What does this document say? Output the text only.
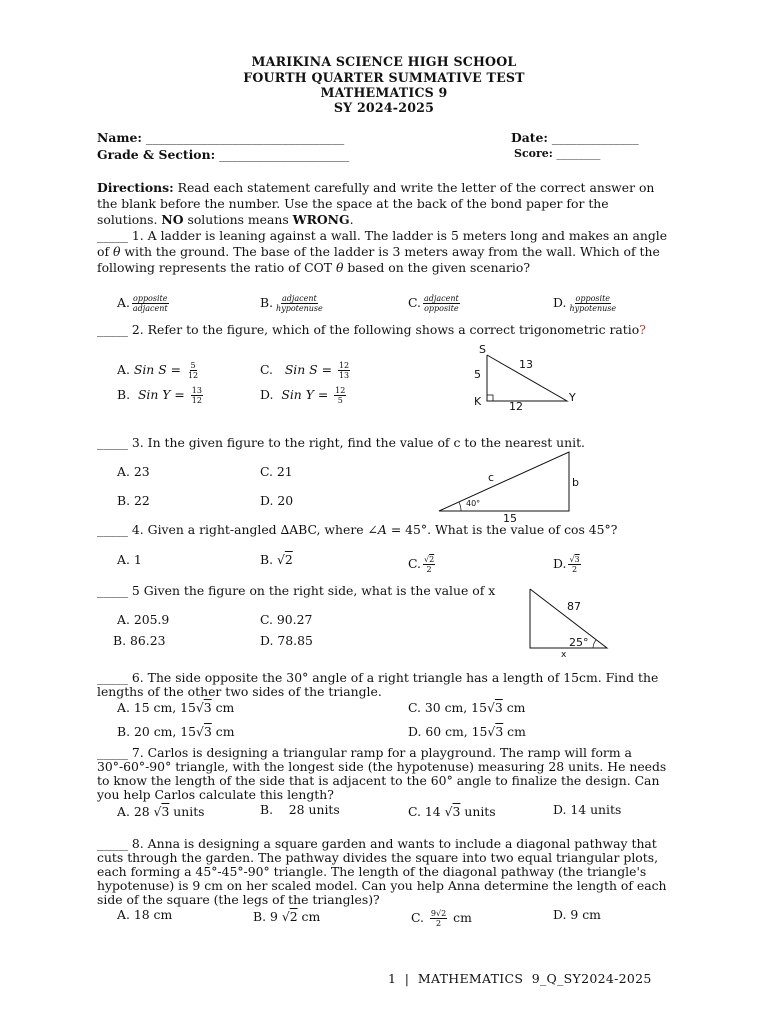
MARIKINA SCIENCE HIGH SCHOOL
FOURTH QUARTER SUMMATIVE TEST
MATHEMATICS 9
SY 2024-2025
Name: ________________________________	Date: ______________
Grade & Section: _____________________	Score: ________
Directions: Read each statement carefully and write the letter of the correct answer on the blank before the number. Use the space at the back of the bond paper for the solutions. NO solutions means WRONG.
_____ 1. A ladder is leaning against a wall. The ladder is 5 meters long and makes an angle of θ with the ground. The base of the ladder is 3 meters away from the wall. Which of the following represents the ratio of COT θ based on the given scenario?
A. $\frac{\text{opposite}}{\text{adjacent}}$	B. $\frac{\text{adjacent}}{\text{hypotenuse}}$	C. $\frac{\text{adjacent}}{\text{opposite}}$	D. $\frac{\text{opposite}}{\text{hypotenuse}}$
_____ 2. Refer to the figure, which of the following shows a correct trigonometric ratio?
A. Sin $S = \frac{5}{12}$	C. Sin $S = \frac{12}{13}$
B. Sin $Y = \frac{13}{12}$	D. Sin $Y = \frac{12}{5}$
S
13
5
K	12
Y
_____ 3. In the given figure to the right, find the value of c to the nearest unit.
A. 23	C. 21
B. 22	D. 20
c	b
40°
15
_____ 4. Given a right-angled ∆ABC, where ∠A = 45°. What is the value of cos 45°?
A. 1	B. √2	C. $\frac{√2}{2}$	D. $\frac{√3}{2}$
_____ 5 Given the figure on the right side, what is the value of x
A. 205.9	C. 90.27
B. 86.23	D. 78.85
87
25°
x
_____ 6. The side opposite the 30° angle of a right triangle has a length of 15cm. Find the lengths of the other two sides of the triangle.
A. 15 cm, 15√3 cm	C. 30 cm, 15√3 cm
B. 20 cm, 15√3 cm	D. 60 cm, 15√3 cm
_____ 7. Carlos is designing a triangular ramp for a playground. The ramp will form a 30°-60°-90° triangle, with the longest side (the hypotenuse) measuring 28 units. He needs to know the length of the side that is adjacent to the 60° angle to finalize the design. Can you help Carlos calculate this length?
A. 28 √3 units	B.    28 units	C. 14 √3 units	D. 14 units
_____ 8. Anna is designing a square garden and wants to include a diagonal pathway that cuts through the garden. The pathway divides the square into two equal triangular plots, each forming a 45°-45°-90° triangle. The length of the diagonal pathway (the triangle's hypotenuse) is 9 cm on her scaled model. Can you help Anna determine the length of each side of the square (the legs of the triangles)?
A. 18 cm	B. 9 √2 cm	C. $\frac{9√2}{2}$ cm	D. 9 cm
1  |  MATHEMATICS  9_Q_SY2024-2025
